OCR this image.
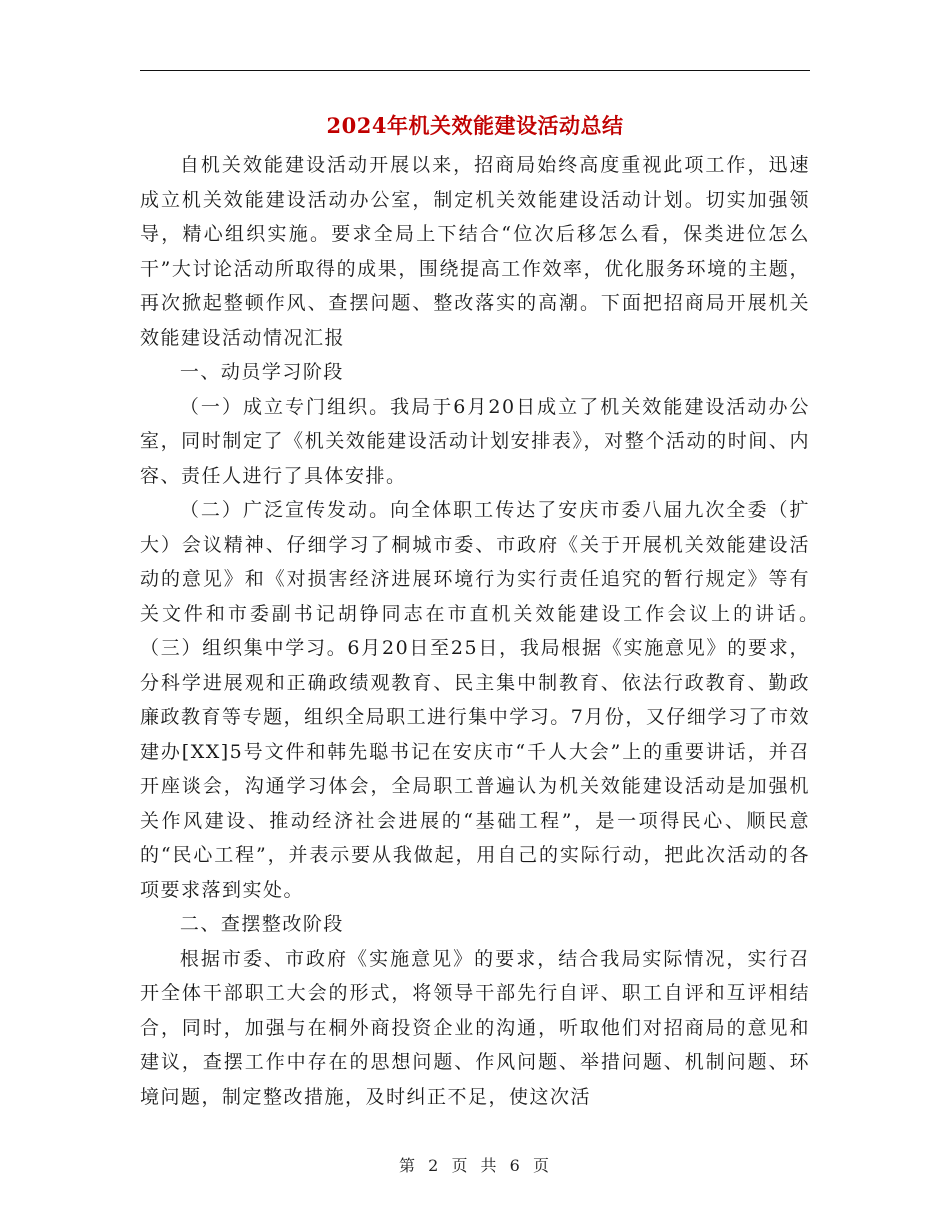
2024年机关效能建设活动总结

自机关效能建设活动开展以来，招商局始终高度重视此项工作，迅速成立机关效能建设活动办公室，制定机关效能建设活动计划。切实加强领导，精心组织实施。要求全局上下结合“位次后移怎么看，保类进位怎么干”大讨论活动所取得的成果，围绕提高工作效率，优化服务环境的主题，再次掀起整顿作风、查摆问题、整改落实的高潮。下面把招商局开展机关效能建设活动情况汇报

一、动员学习阶段

（一）成立专门组织。我局于6月20日成立了机关效能建设活动办公室，同时制定了《机关效能建设活动计划安排表》，对整个活动的时间、内容、责任人进行了具体安排。

（二）广泛宣传发动。向全体职工传达了安庆市委八届九次全委（扩大）会议精神、仔细学习了桐城市委、市政府《关于开展机关效能建设活动的意见》和《对损害经济进展环境行为实行责任追究的暂行规定》等有关文件和市委副书记胡铮同志在市直机关效能建设工作会议上的讲话。　　　　（三）组织集中学习。6月20日至25日，我局根据《实施意见》的要求，分科学进展观和正确政绩观教育、民主集中制教育、依法行政教育、勤政廉政教育等专题，组织全局职工进行集中学习。7月份，又仔细学习了市效建办[XX]5号文件和韩先聪书记在安庆市“千人大会”上的重要讲话，并召开座谈会，沟通学习体会，全局职工普遍认为机关效能建设活动是加强机关作风建设、推动经济社会进展的“基础工程”，是一项得民心、顺民意的“民心工程”，并表示要从我做起，用自己的实际行动，把此次活动的各项要求落到实处。

二、查摆整改阶段

根据市委、市政府《实施意见》的要求，结合我局实际情况，实行召开全体干部职工大会的形式，将领导干部先行自评、职工自评和互评相结合，同时，加强与在桐外商投资企业的沟通，听取他们对招商局的意见和建议，查摆工作中存在的思想问题、作风问题、举措问题、机制问题、环境问题，制定整改措施，及时纠正不足，使这次活

第 2 页 共 6 页
